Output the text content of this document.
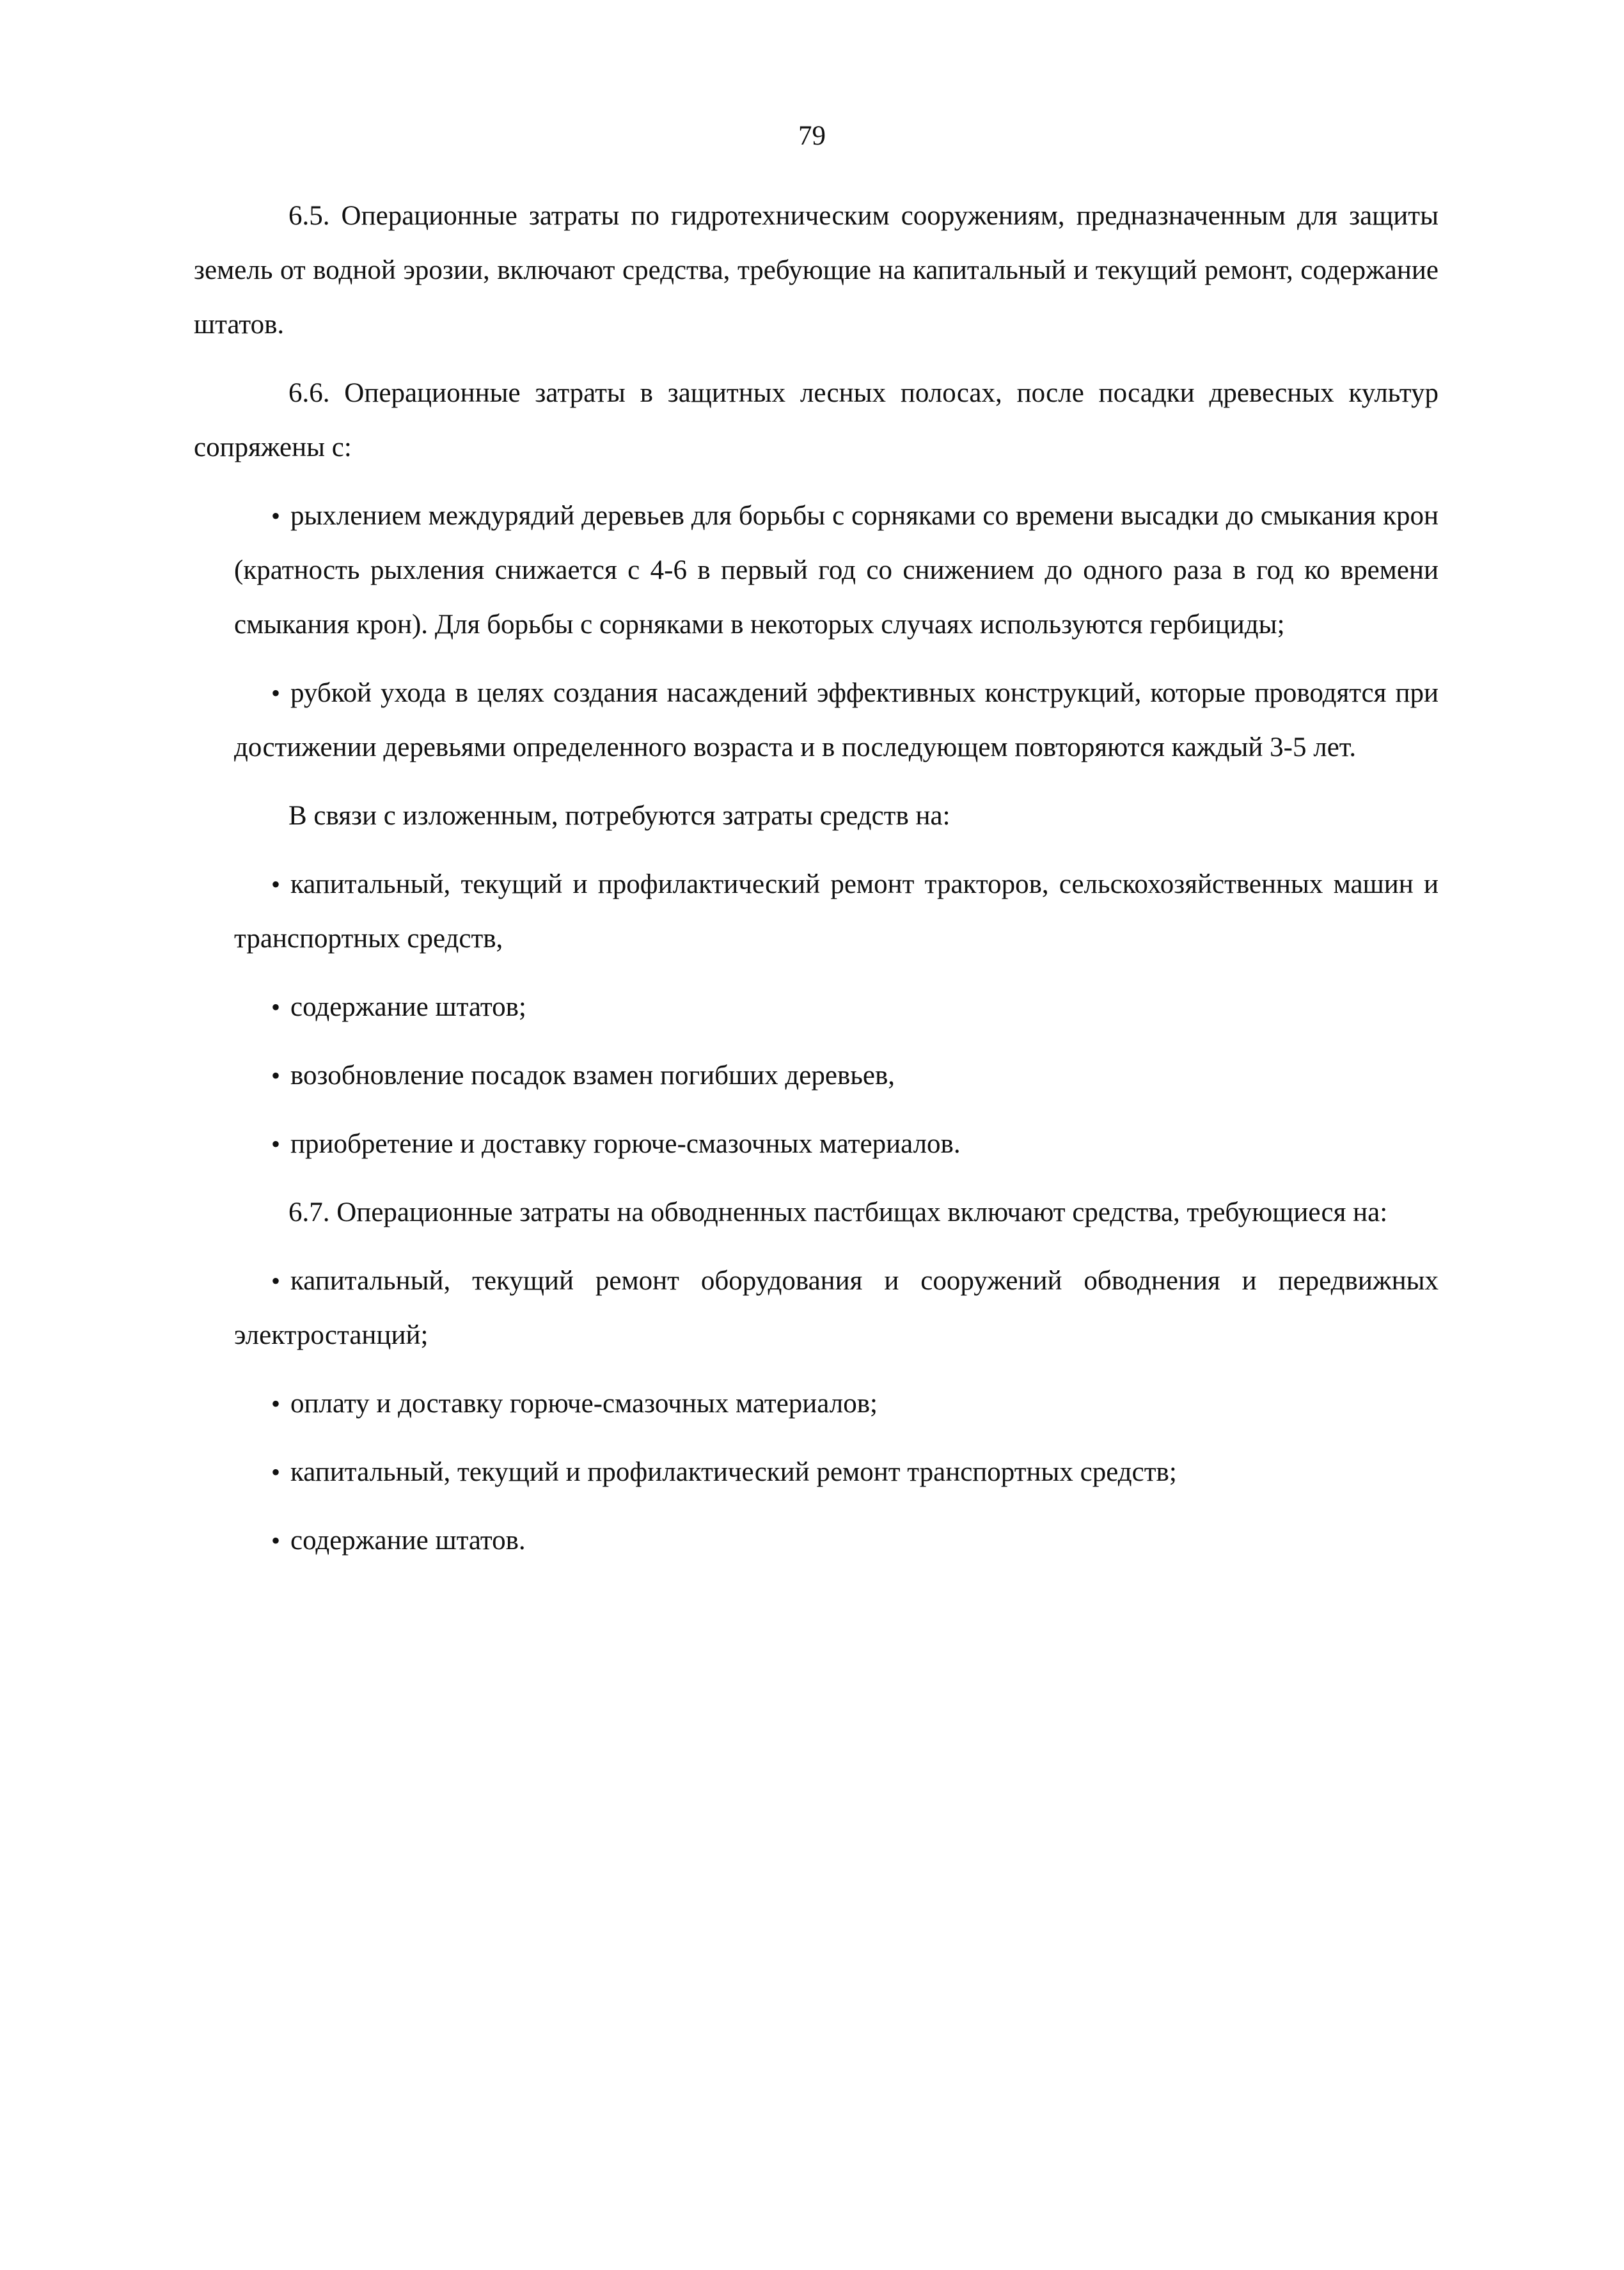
79

6.5. Операционные затраты по гидротехническим сооружениям, предназначенным для защиты земель от водной эрозии, включают средства, требующие на капитальный и текущий ремонт, содержание штатов.

6.6. Операционные затраты в защитных лесных полосах, после посадки древесных культур сопряжены с:

• рыхлением междурядий деревьев для борьбы с сорняками со времени высадки до смыкания крон (кратность рыхления снижается с 4-6 в первый год со снижением до одного раза в год ко времени смыкания крон). Для борьбы с сорняками в некоторых случаях используются гербициды;
• рубкой ухода в целях создания насаждений эффективных конструкций, которые проводятся при достижении деревьями определенного возраста и в последующем повторяются каждый 3-5 лет.

В связи с изложенным, потребуются затраты средств на:

• капитальный, текущий и профилактический ремонт тракторов, сельскохозяйственных машин и транспортных средств,
• содержание штатов;
• возобновление посадок взамен погибших деревьев,
• приобретение и доставку горюче-смазочных материалов.

6.7. Операционные затраты на обводненных пастбищах включают средства, требующиеся на:

• капитальный, текущий ремонт оборудования и сооружений обводнения и передвижных электростанций;
• оплату и доставку горюче-смазочных материалов;
• капитальный, текущий и профилактический ремонт транспортных средств;
• содержание штатов.
